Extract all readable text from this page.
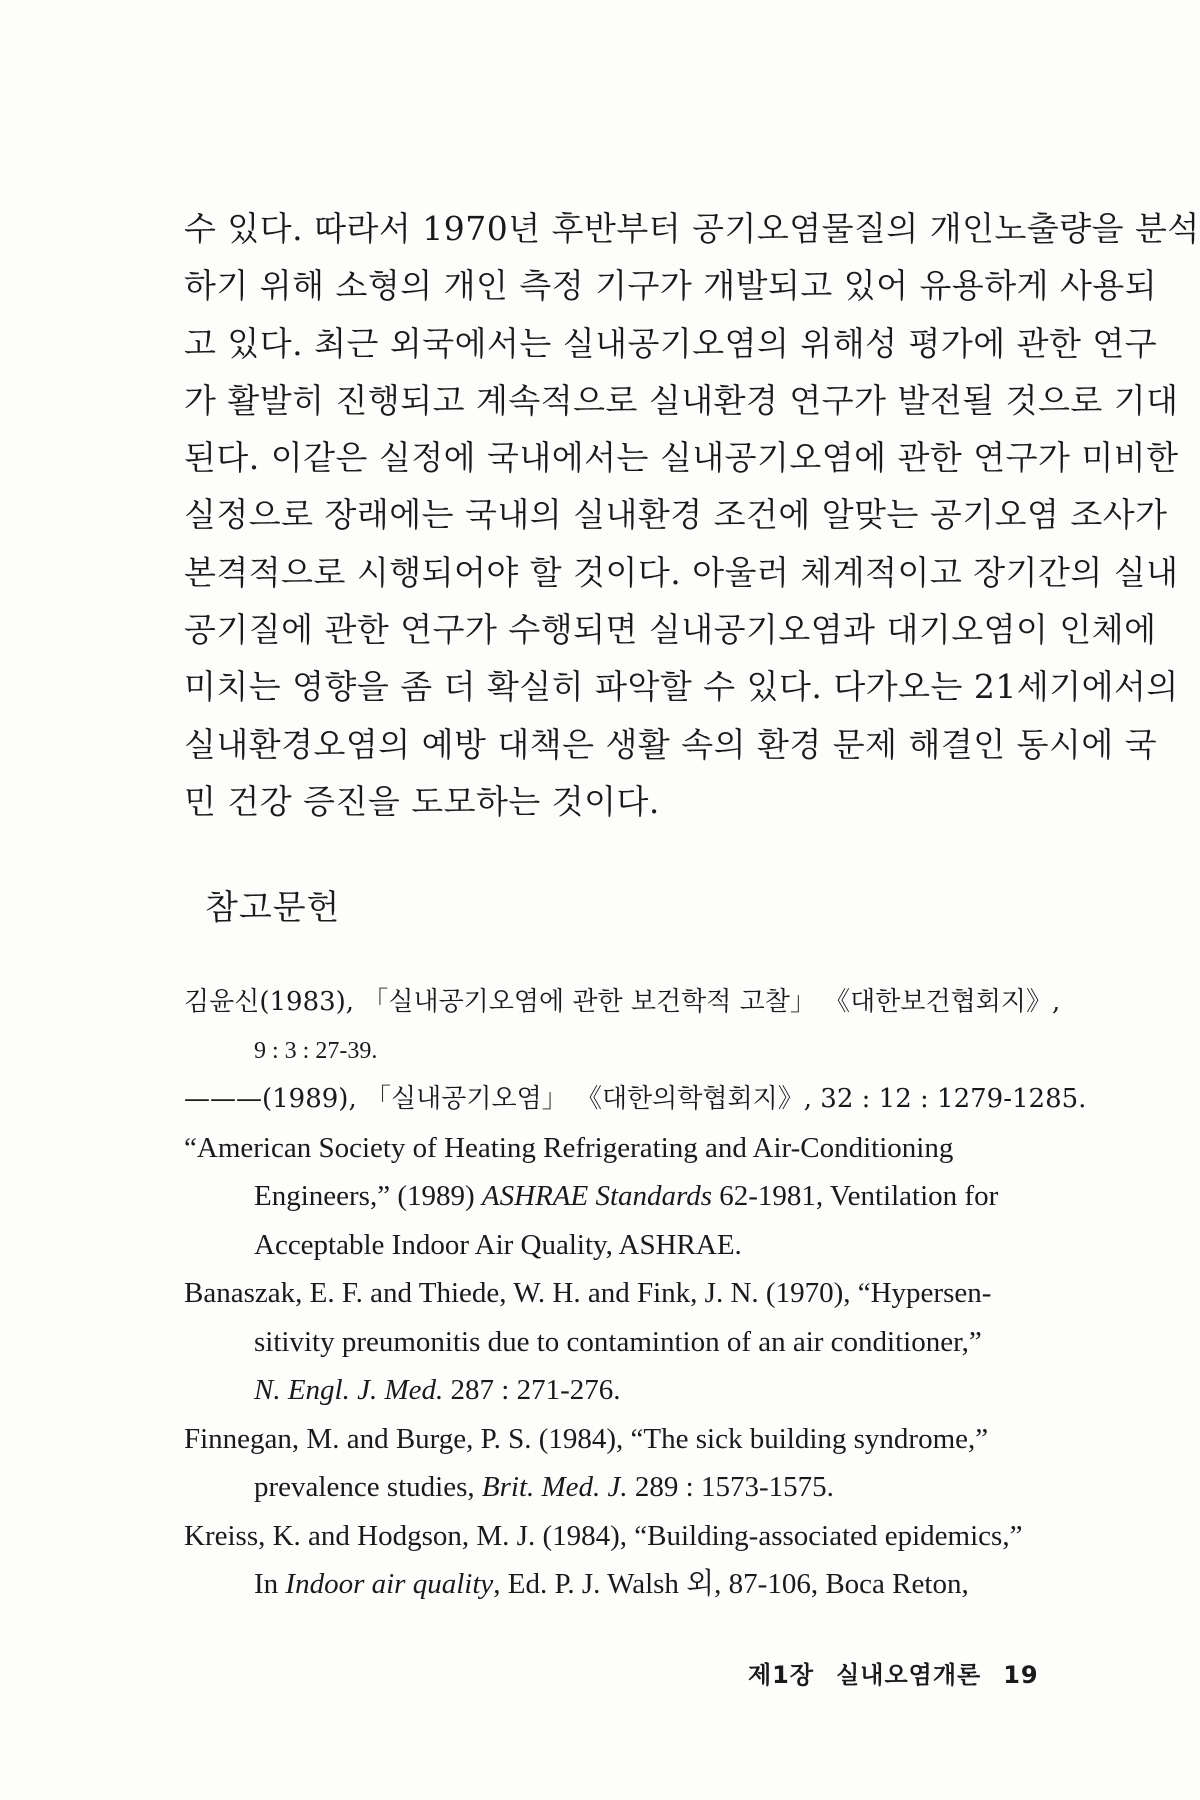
수 있다. 따라서 1970년 후반부터 공기오염물질의 개인노출량을 분석
하기 위해 소형의 개인 측정 기구가 개발되고 있어 유용하게 사용되
고 있다. 최근 외국에서는 실내공기오염의 위해성 평가에 관한 연구
가 활발히 진행되고 계속적으로 실내환경 연구가 발전될 것으로 기대
된다. 이같은 실정에 국내에서는 실내공기오염에 관한 연구가 미비한
실정으로 장래에는 국내의 실내환경 조건에 알맞는 공기오염 조사가
본격적으로 시행되어야 할 것이다. 아울러 체계적이고 장기간의 실내
공기질에 관한 연구가 수행되면 실내공기오염과 대기오염이 인체에
미치는 영향을 좀 더 확실히 파악할 수 있다. 다가오는 21세기에서의
실내환경오염의 예방 대책은 생활 속의 환경 문제 해결인 동시에 국
민 건강 증진을 도모하는 것이다.
참고문헌
김윤신(1983), 「실내공기오염에 관한 보건학적 고찰」 《대한보건협회지》,
9 : 3 : 27-39.
———(1989), 「실내공기오염」 《대한의학협회지》, 32 : 12 : 1279-1285.
“American Society of Heating Refrigerating and Air-Conditioning
Engineers,” (1989) ASHRAE Standards 62-1981, Ventilation for
Acceptable Indoor Air Quality, ASHRAE.
Banaszak, E. F. and Thiede, W. H. and Fink, J. N. (1970), “Hypersen-
sitivity preumonitis due to contamintion of an air conditioner,”
N. Engl. J. Med. 287 : 271-276.
Finnegan, M. and Burge, P. S. (1984), “The sick building syndrome,”
prevalence studies, Brit. Med. J. 289 : 1573-1575.
Kreiss, K. and Hodgson, M. J. (1984), “Building-associated epidemics,”
In Indoor air quality, Ed. P. J. Walsh 외, 87-106, Boca Reton,
제1장 실내오염개론 19
